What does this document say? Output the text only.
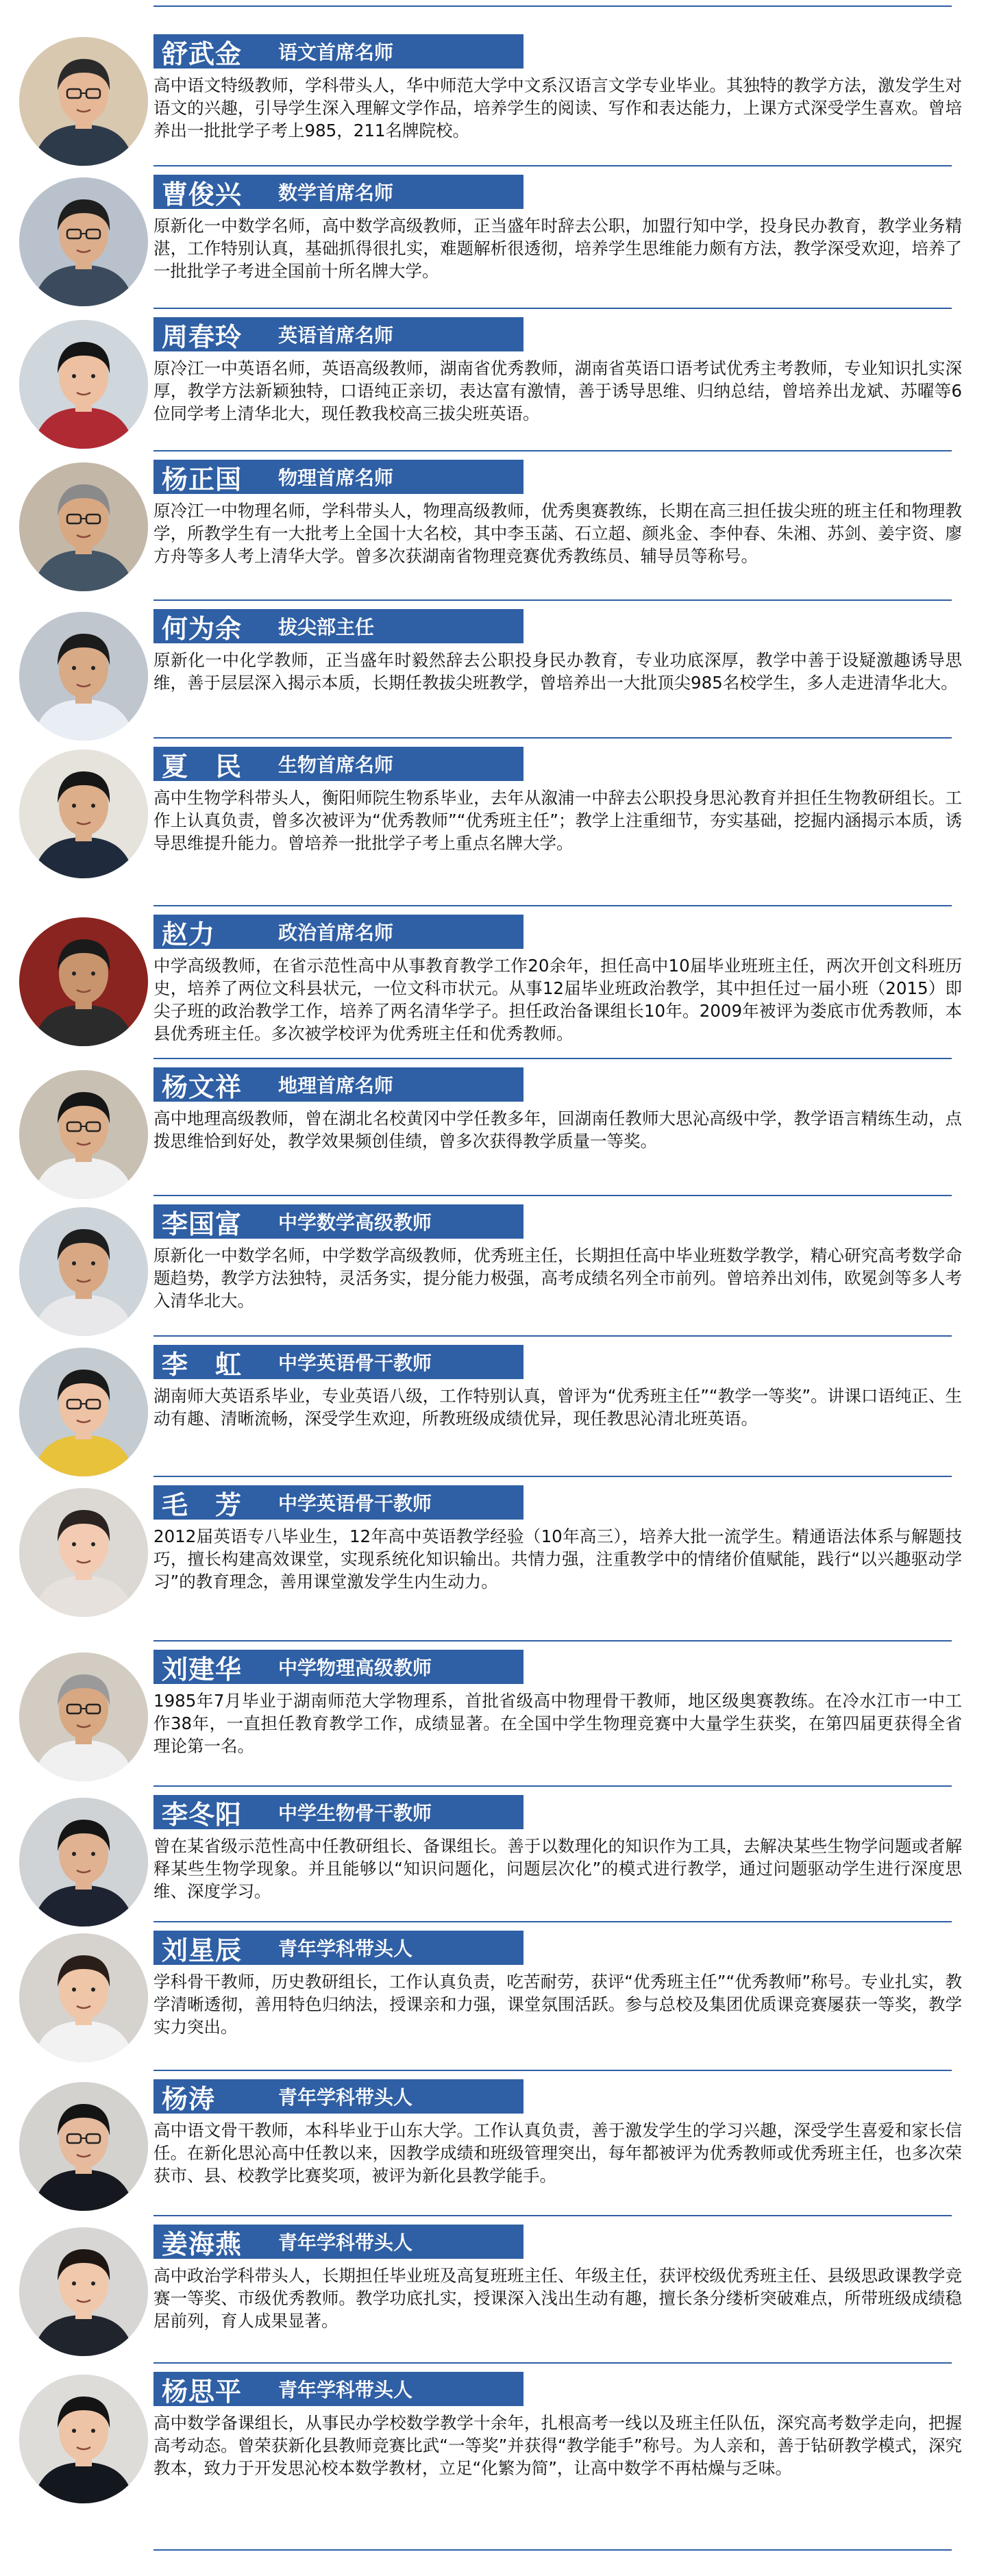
舒武金	语文首席名师
高中语文特级教师，学科带头人，华中师范大学中文系汉语言文学专业毕业。其独特的教学方法，激发学生对语文的兴趣，引导学生深入理解文学作品，培养学生的阅读、写作和表达能力，上课方式深受学生喜欢。曾培养出一批批学子考上985，211名牌院校。
曹俊兴	数学首席名师
原新化一中数学名师，高中数学高级教师，正当盛年时辞去公职，加盟行知中学，投身民办教育，教学业务精湛，工作特别认真，基础抓得很扎实，难题解析很透彻，培养学生思维能力颇有方法，教学深受欢迎，培养了一批批学子考进全国前十所名牌大学。
周春玲	英语首席名师
原冷江一中英语名师，英语高级教师，湖南省优秀教师，湖南省英语口语考试优秀主考教师，专业知识扎实深厚，教学方法新颖独特，口语纯正亲切，表达富有激情，善于诱导思维、归纳总结，曾培养出龙斌、苏曜等6位同学考上清华北大，现任教我校高三拔尖班英语。
杨正国	物理首席名师
原冷江一中物理名师，学科带头人，物理高级教师，优秀奥赛教练，长期在高三担任拔尖班的班主任和物理教学，所教学生有一大批考上全国十大名校，其中李玉菡、石立超、颜兆金、李仲春、朱湘、苏剑、姜宇资、廖方舟等多人考上清华大学。曾多次获湖南省物理竞赛优秀教练员、辅导员等称号。
何为余	拔尖部主任
原新化一中化学教师，正当盛年时毅然辞去公职投身民办教育，专业功底深厚，教学中善于设疑激趣诱导思维，善于层层深入揭示本质，长期任教拔尖班教学，曾培养出一大批顶尖985名校学生，多人走进清华北大。
夏　民	生物首席名师
高中生物学科带头人，衡阳师院生物系毕业，去年从溆浦一中辞去公职投身思沁教育并担任生物教研组长。工作上认真负责，曾多次被评为“优秀教师”“优秀班主任”；教学上注重细节，夯实基础，挖掘内涵揭示本质，诱导思维提升能力。曾培养一批批学子考上重点名牌大学。
赵力	政治首席名师
中学高级教师，在省示范性高中从事教育教学工作20余年，担任高中10届毕业班班主任，两次开创文科班历史，培养了两位文科县状元，一位文科市状元。从事12届毕业班政治教学，其中担任过一届小班（2015）即尖子班的政治教学工作，培养了两名清华学子。担任政治备课组长10年。2009年被评为娄底市优秀教师，本县优秀班主任。多次被学校评为优秀班主任和优秀教师。
杨文祥	地理首席名师
高中地理高级教师，曾在湖北名校黄冈中学任教多年，回湖南任教师大思沁高级中学，教学语言精练生动，点拨思维恰到好处，教学效果频创佳绩，曾多次获得教学质量一等奖。
李国富	中学数学高级教师
原新化一中数学名师，中学数学高级教师，优秀班主任，长期担任高中毕业班数学教学，精心研究高考数学命题趋势，教学方法独特，灵活务实，提分能力极强，高考成绩名列全市前列。曾培养出刘伟，欧冕剑等多人考入清华北大。
李　虹	中学英语骨干教师
湖南师大英语系毕业，专业英语八级，工作特别认真，曾评为“优秀班主任”“教学一等奖”。讲课口语纯正、生动有趣、清晰流畅，深受学生欢迎，所教班级成绩优异，现任教思沁清北班英语。
毛　芳	中学英语骨干教师
2012届英语专八毕业生，12年高中英语教学经验（10年高三），培养大批一流学生。精通语法体系与解题技巧，擅长构建高效课堂，实现系统化知识输出。共情力强，注重教学中的情绪价值赋能，践行“以兴趣驱动学习”的教育理念，善用课堂激发学生内生动力。
刘建华	中学物理高级教师
1985年7月毕业于湖南师范大学物理系，首批省级高中物理骨干教师，地区级奥赛教练。在冷水江市一中工作38年，一直担任教育教学工作，成绩显著。在全国中学生物理竞赛中大量学生获奖，在第四届更获得全省理论第一名。
李冬阳	中学生物骨干教师
曾在某省级示范性高中任教研组长、备课组长。善于以数理化的知识作为工具，去解决某些生物学问题或者解释某些生物学现象。并且能够以“知识问题化，问题层次化”的模式进行教学，通过问题驱动学生进行深度思维、深度学习。
刘星辰	青年学科带头人
学科骨干教师，历史教研组长，工作认真负责，吃苦耐劳，获评“优秀班主任”“优秀教师”称号。专业扎实，教学清晰透彻，善用特色归纳法，授课亲和力强，课堂氛围活跃。参与总校及集团优质课竞赛屡获一等奖，教学实力突出。
杨涛	青年学科带头人
高中语文骨干教师，本科毕业于山东大学。工作认真负责，善于激发学生的学习兴趣，深受学生喜爱和家长信任。在新化思沁高中任教以来，因教学成绩和班级管理突出，每年都被评为优秀教师或优秀班主任，也多次荣获市、县、校教学比赛奖项，被评为新化县教学能手。
姜海燕	青年学科带头人
高中政治学科带头人，长期担任毕业班及高复班班主任、年级主任，获评校级优秀班主任、县级思政课教学竞赛一等奖、市级优秀教师。教学功底扎实，授课深入浅出生动有趣，擅长条分缕析突破难点，所带班级成绩稳居前列，育人成果显著。
杨思平	青年学科带头人
高中数学备课组长，从事民办学校数学教学十余年，扎根高考一线以及班主任队伍，深究高考数学走向，把握高考动态。曾荣获新化县教师竞赛比武“一等奖”并获得“教学能手”称号。为人亲和，善于钻研教学模式，深究教本，致力于开发思沁校本数学教材，立足“化繁为简”，让高中数学不再枯燥与乏味。
